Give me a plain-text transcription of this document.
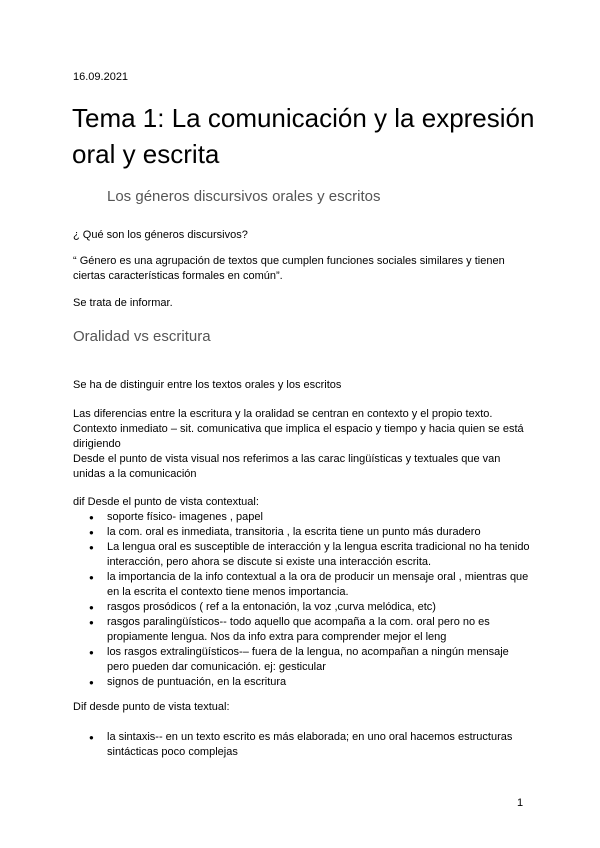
16.09.2021
Tema 1: La comunicación y la expresión oral y escrita
Los géneros discursivos orales y escritos

¿ Qué son los géneros discursivos?

“ Género es una agrupación de textos que cumplen funciones sociales similares y tienen ciertas características formales en común”.

Se trata de informar.

Oralidad vs escritura

Se ha de distinguir entre los textos orales y los escritos

Las diferencias entre la escritura y la oralidad se centran en contexto y el propio texto.
Contexto inmediato – sit. comunicativa que implica el espacio y tiempo y hacia quien se está dirigiendo
Desde el punto de vista visual nos referimos a las carac lingüísticas y textuales que van unidas a la comunicación

dif Desde el punto de vista contextual:

● soporte físico- imagenes , papel
● la com. oral es inmediata, transitoria , la escrita tiene un punto más duradero
● La lengua oral es susceptible de interacción y la lengua escrita tradicional no ha tenido interacción, pero ahora se discute si existe una interacción escrita.
● la importancia de la info contextual a la ora de producir un mensaje oral , mientras que en la escrita el contexto tiene menos importancia.
● rasgos prosódicos ( ref a la entonación, la voz ,curva melódica, etc)
● rasgos paralingüísticos-- todo aquello que acompaña a la com. oral pero no es propiamente lengua. Nos da info extra para comprender mejor el leng
● los rasgos extralingüísticos-– fuera de la lengua, no acompañan a ningún mensaje pero pueden dar comunicación. ej: gesticular
● signos de puntuación, en la escritura

Dif desde punto de vista textual:

● la sintaxis-- en un texto escrito es más elaborada; en uno oral hacemos estructuras sintácticas poco complejas
1
